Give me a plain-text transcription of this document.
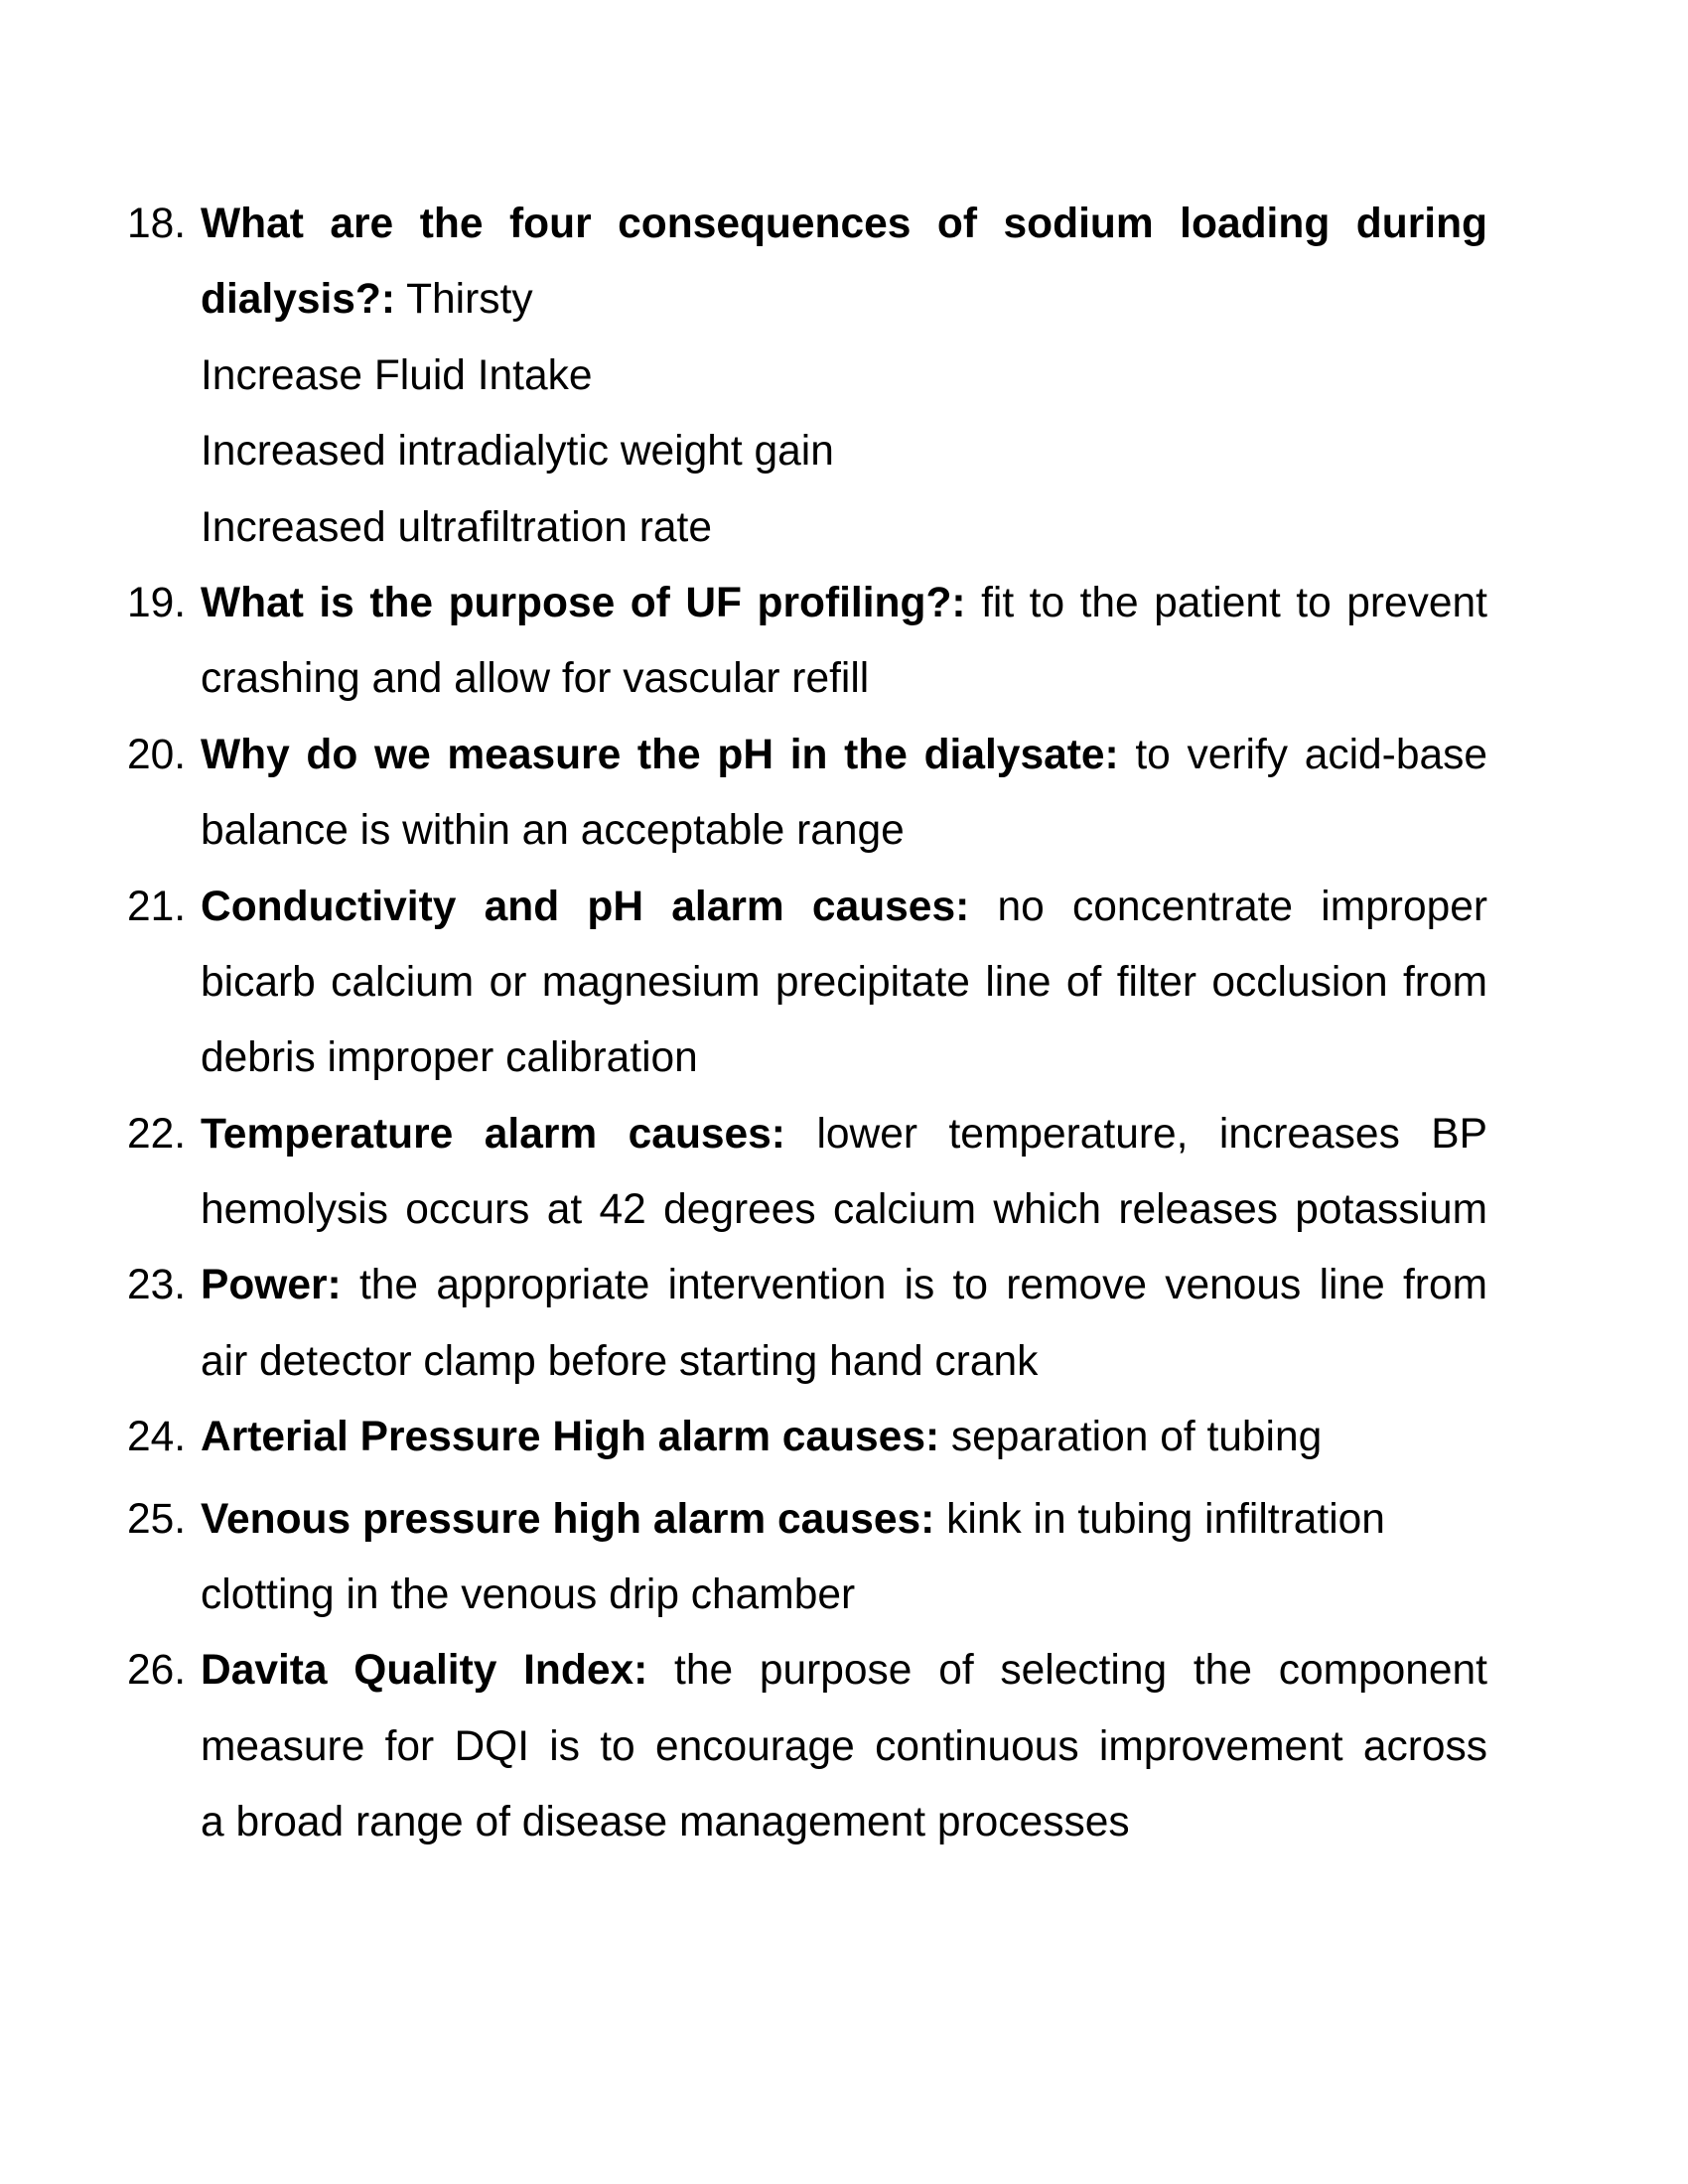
18. What are the four consequences of sodium loading during
dialysis?: Thirsty
Increase Fluid Intake
Increased intradialytic weight gain
Increased ultrafiltration rate
19. What is the purpose of UF profiling?: fit to the patient to prevent
crashing and allow for vascular refill
20. Why do we measure the pH in the dialysate: to verify acid-base
balance is within an acceptable range
21. Conductivity and pH alarm causes: no concentrate improper
bicarb calcium or magnesium precipitate line of filter occlusion from
debris improper calibration
22. Temperature alarm causes: lower temperature, increases BP
hemolysis occurs at 42 degrees calcium which releases potassium
23. Power: the appropriate intervention is to remove venous line from
air detector clamp before starting hand crank
24. Arterial Pressure High alarm causes: separation of tubing
25. Venous pressure high alarm causes: kink in tubing infiltration
clotting in the venous drip chamber
26. Davita Quality Index: the purpose of selecting the component
measure for DQI is to encourage continuous improvement across
a broad range of disease management processes
